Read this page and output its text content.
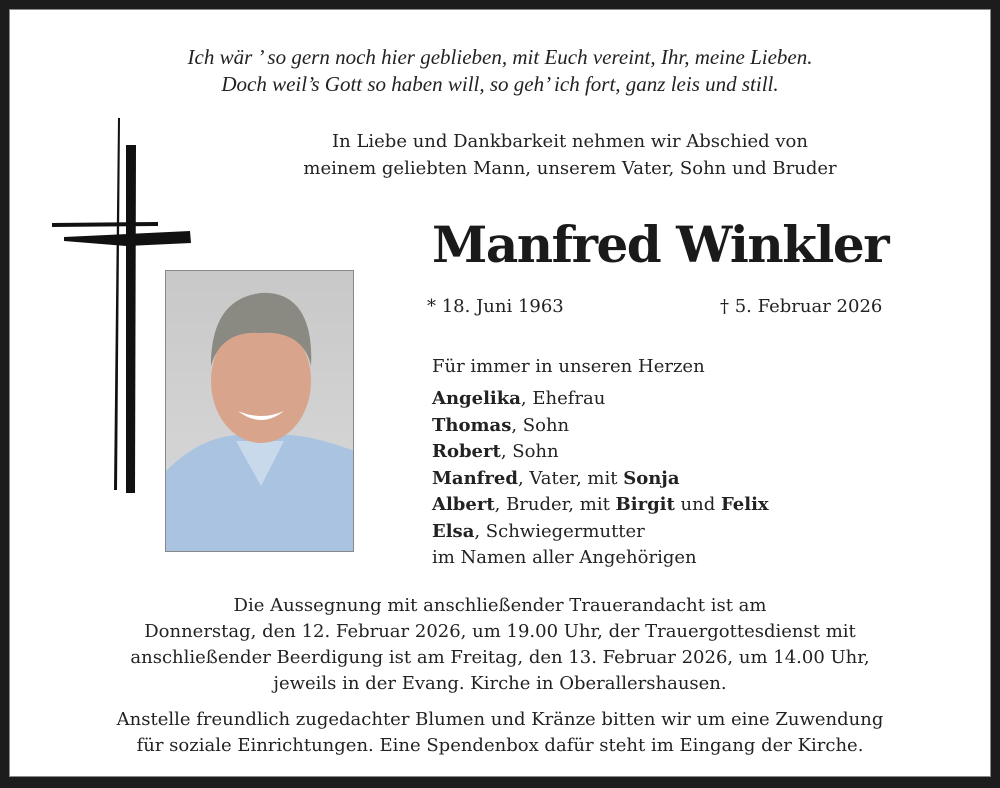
Ich wär ’ so gern noch hier geblieben, mit Euch vereint, Ihr, meine Lieben.
Doch weil’s Gott so haben will, so geh’ ich fort, ganz leis und still.
In Liebe und Dankbarkeit nehmen wir Abschied von
meinem geliebten Mann, unserem Vater, Sohn und Bruder
Manfred Winkler
* 18. Juni 1963	† 5. Februar 2026
Für immer in unseren Herzen
Angelika, Ehefrau
Thomas, Sohn
Robert, Sohn
Manfred, Vater, mit Sonja
Albert, Bruder, mit Birgit und Felix
Elsa, Schwiegermutter
im Namen aller Angehörigen
Die Aussegnung mit anschließender Trauerandacht ist am
Donnerstag, den 12. Februar 2026, um 19.00 Uhr, der Trauergottesdienst mit
anschließender Beerdigung ist am Freitag, den 13. Februar 2026, um 14.00 Uhr,
jeweils in der Evang. Kirche in Oberallershausen.
Anstelle freundlich zugedachter Blumen und Kränze bitten wir um eine Zuwendung
für soziale Einrichtungen. Eine Spendenbox dafür steht im Eingang der Kirche.
